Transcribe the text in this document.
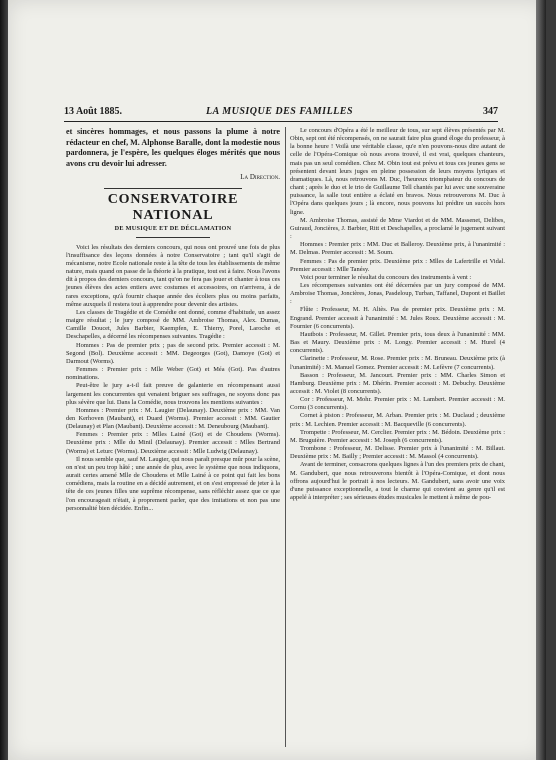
13 Août 1885.	LA MUSIQUE DES FAMILLES	347

et sincères hommages, et nous passons la plume à notre rédacteur en chef, M. Alphonse Baralle, dont la modestie nous pardonnera, je l'espère, les quelques éloges mérités que nous avons cru devoir lui adresser.

La Direction.

CONSERVATOIRE NATIONAL
DE MUSIQUE ET DE DÉCLAMATION

Voici les résultats des derniers concours, qui nous ont prouvé une fois de plus l'insuffisance des leçons données à notre Conservatoire ; tant qu'il s'agit de mécanisme, notre Ecole nationale reste à la tête de tous les établissements de même nature, mais quand on passe de la théorie à la pratique, tout est à faire. Nous l'avons dit à propos des derniers concours, tant qu'on ne fera pas jouer et chanter à tous ces jeunes élèves des actes entiers avec costumes et accessoires, on n'arrivera, à de rares exceptions, qu'à fournir chaque année des écoliers plus ou moins parfaits, même auxquels il restera tout à apprendre pour devenir des artistes.

Les classes de Tragédie et de Comédie ont donné, comme d'habitude, un assez maigre résultat ; le jury composé de MM. Ambroise Thomas, Alex. Dumas, Camille Doucet, Jules Barbier, Kaempfen, E. Thierry, Porel, Laroche et Deschapelles, a décerné les récompenses suivantes. Tragédie :

Hommes : Pas de premier prix ; pas de second prix. Premier accessit : M. Segond (Bol). Deuxième accessit : MM. Degeorges (Got), Damoye (Got) et Darmout (Worms).

Femmes : Premier prix : Mlle Weber (Got) et Méa (Got). Pas d'autres nominations.

Peut-être le jury a-t-il fait preuve de galanterie en récompensant aussi largement les concurrentes qui venaient briguer ses suffrages, ne soyons donc pas plus sévère que lui. Dans la Comédie, nous trouvons les mentions suivantes :

Hommes : Premier prix : M. Laugier (Delaunay). Deuxième prix : MM. Van den Kerhoven (Maubant), et Duard (Worms). Premier accessit : MM. Gautier (Delaunay) et Plan (Maubant). Deuxième accessit : M. Deneubourg (Maubant).

Femmes : Premier prix : Mlles Lainé (Got) et de Choudens (Worms). Deuxième prix : Mlle du Minil (Delaunay). Premier accessit : Mlles Bertrand (Worms) et Leturc (Worms). Deuxième accessit : Mlle Ludwig (Delaunay).

Il nous semble que, sauf M. Laugier, qui nous paraît presque mûr pour la scène, on n'est un peu trop hâté ; une année de plus, avec le système que nous indiquons, aurait certes amené Mlle de Choudens et Mlle Lainé à ce point qui fait les bons comédiens, mais la routine en a décidé autrement, et on s'est empressé de jeter à la tête de ces jeunes filles une suprême récompense, sans réfléchir assez que ce que l'on encourageait n'était, à proprement parler, que des imitations et non pas une personnalité bien décidée. Enfin...

Le concours d'Opéra a été le meilleur de tous, sur sept élèves présentés par M. Obin, sept ont été récompensés, on ne saurait faire plus grand éloge du professeur, à la bonne heure ! Voilà une véritable classe, qu'e n'en pouvons-nous dire autant de celle de l'Opéra-Comique où nous avons trouvé, il est vrai, quelques chanteurs, mais pas un seul comédien. Chez M. Obin tout est prévu et tous ces jeunes gens se présentent devant leurs juges en pleine possession de leurs moyens lyriques et dramatiques. Là, nous retrouvons M. Duc, l'heureux triomphateur du concours de chant ; après le duo et le trio de Guillaume Tell chantés par lui avec une souveraine puissance, la salle tout entière a éclaté en bravos. Nous retrouverons M. Duc à l'Opéra dans quelques jours ; là encore, nous pouvons lui prédire un succès hors ligne.

M. Ambroise Thomas, assisté de Mme Viardot et de MM. Massenet, Delibes, Guiraud, Joncières, J. Barbier, Ritt et Deschapelles, a proclamé le jugement suivant :

Hommes : Premier prix : MM. Duc et Balleroy. Deuxième prix, à l'unanimité : M. Delmas. Premier accessit : M. Soum.

Femmes : Pas de premier prix. Deuxième prix : Mlles de Lafertrille et Vidal. Premier accessit : Mlle Tanésy.

Voici pour terminer le résultat du concours des instruments à vent :

Les récompenses suivantes ont été décernées par un jury composé de MM. Ambroise Thomas, Joncières, Jonas, Pasdeloup, Turban, Taffanel, Dupont et Baillet :

Flûte : Professeur, M. H. Altès. Pas de premier prix. Deuxième prix : M. Engrand. Premier accessit à l'unanimité : M. Jules Roux. Deuxième accessit : M. Fournier (6 concurrents).

Hautbois : Professeur, M. Gillet. Premier prix, tous deux à l'unanimité : MM. Bas et Maury. Deuxième prix : M. Longy. Premier accessit : M. Hurel (4 concurrents).

Clarinette : Professeur, M. Rose. Premier prix : M. Bruneau. Deuxième prix (à l'unanimité) : M. Manuel Gomez. Premier accessit : M. Lefèvre (7 concurrents).

Basson : Professeur, M. Jancourt. Premier prix : MM. Charles Simon et Hamburg. Deuxième prix : M. Dhérin. Premier accessit : M. Debuchy. Deuxième accessit : M. Violet (8 concurrents).

Cor : Professeur, M. Mohr. Premier prix : M. Lambert. Premier accessit : M. Cornu (3 concurrents).

Cornet à piston : Professeur, M. Arban. Premier prix : M. Duclaud ; deuxième prix : M. Lechien. Premier accessit : M. Bacqueville (6 concurrents).

Trompette : Professeur, M. Cerclier. Premier prix : M. Bédoin. Deuxième prix : M. Bruguière. Premier accessit : M. Joseph (6 concurrents).

Trombone : Professeur, M. Delisse. Premier prix à l'unanimité : M. Billaut. Deuxième prix : M. Bailly ; Premier accessit : M. Massol (4 concurrents).

Avant de terminer, consacrons quelques lignes à l'un des premiers prix de chant, M. Gandubert, que nous retrouverons bientôt à l'Opéra-Comique, et dont nous offrons aujourd'hui le portrait à nos lecteurs. M. Gandubert, sans avoir une voix d'une puissance exceptionnelle, a tout le charme qui convient au genre qu'il est appelé à interpréter ; ses sérieuses études musicales le mettent à même de pou-
